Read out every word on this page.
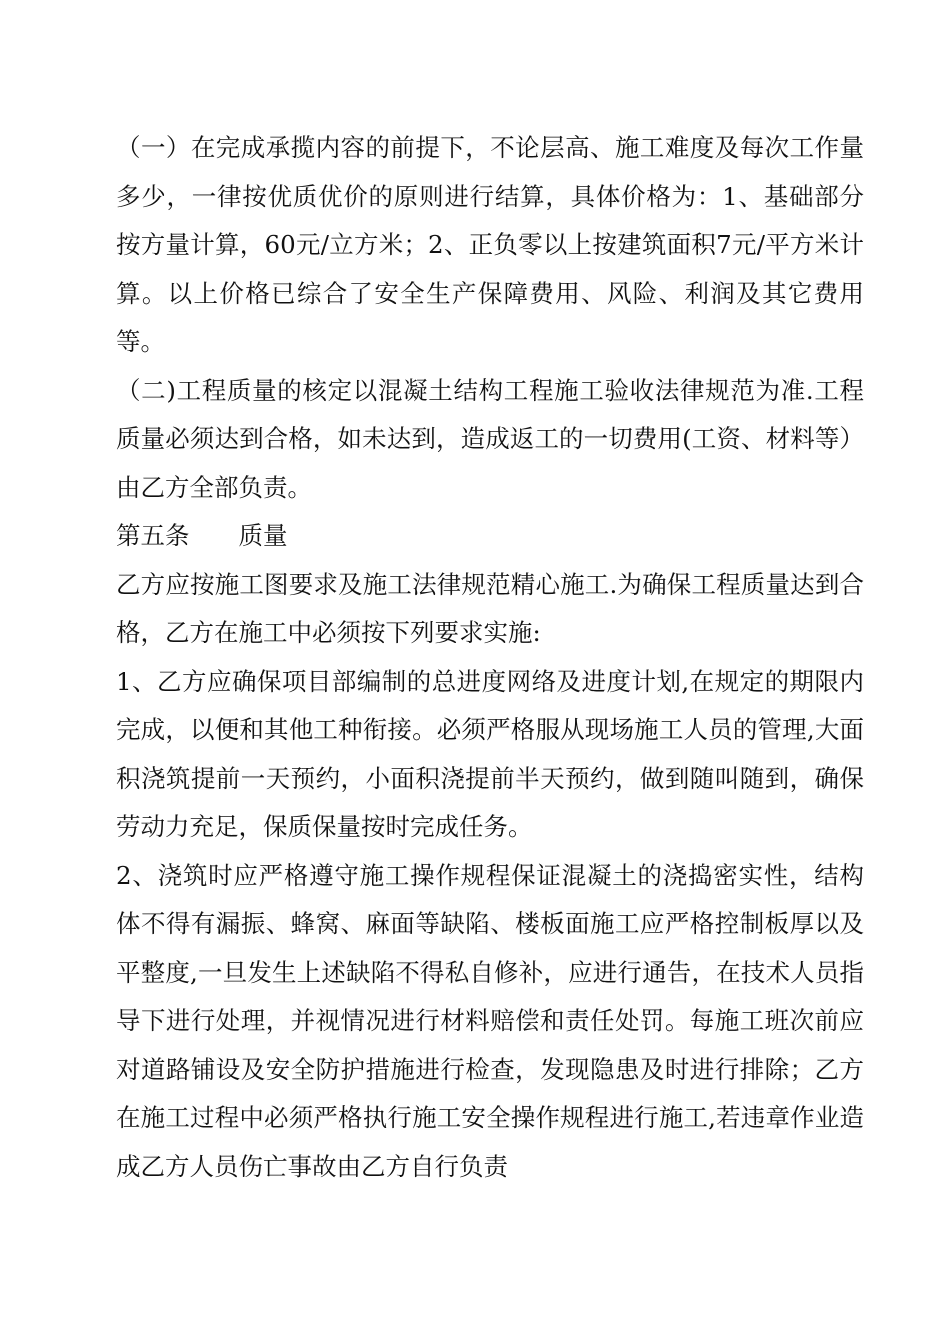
（一）在完成承揽内容的前提下，不论层高、施工难度及每次工作量多少，一律按优质优价的原则进行结算，具体价格为：1、基础部分按方量计算，60元/立方米；2、正负零以上按建筑面积7元/平方米计算。以上价格已综合了安全生产保障费用、风险、利润及其它费用等。

（二)工程质量的核定以混凝土结构工程施工验收法律规范为准.工程质量必须达到合格，如未达到，造成返工的一切费用(工资、材料等）由乙方全部负责。

第五条　　质量

乙方应按施工图要求及施工法律规范精心施工.为确保工程质量达到合格，乙方在施工中必须按下列要求实施:

1、乙方应确保项目部编制的总进度网络及进度计划,在规定的期限内完成，以便和其他工种衔接。必须严格服从现场施工人员的管理,大面积浇筑提前一天预约，小面积浇提前半天预约，做到随叫随到，确保劳动力充足，保质保量按时完成任务。

2、浇筑时应严格遵守施工操作规程保证混凝土的浇捣密实性，结构体不得有漏振、蜂窝、麻面等缺陷、楼板面施工应严格控制板厚以及平整度,一旦发生上述缺陷不得私自修补，应进行通告，在技术人员指导下进行处理，并视情况进行材料赔偿和责任处罚。每施工班次前应对道路铺设及安全防护措施进行检查，发现隐患及时进行排除；乙方在施工过程中必须严格执行施工安全操作规程进行施工,若违章作业造成乙方人员伤亡事故由乙方自行负责
